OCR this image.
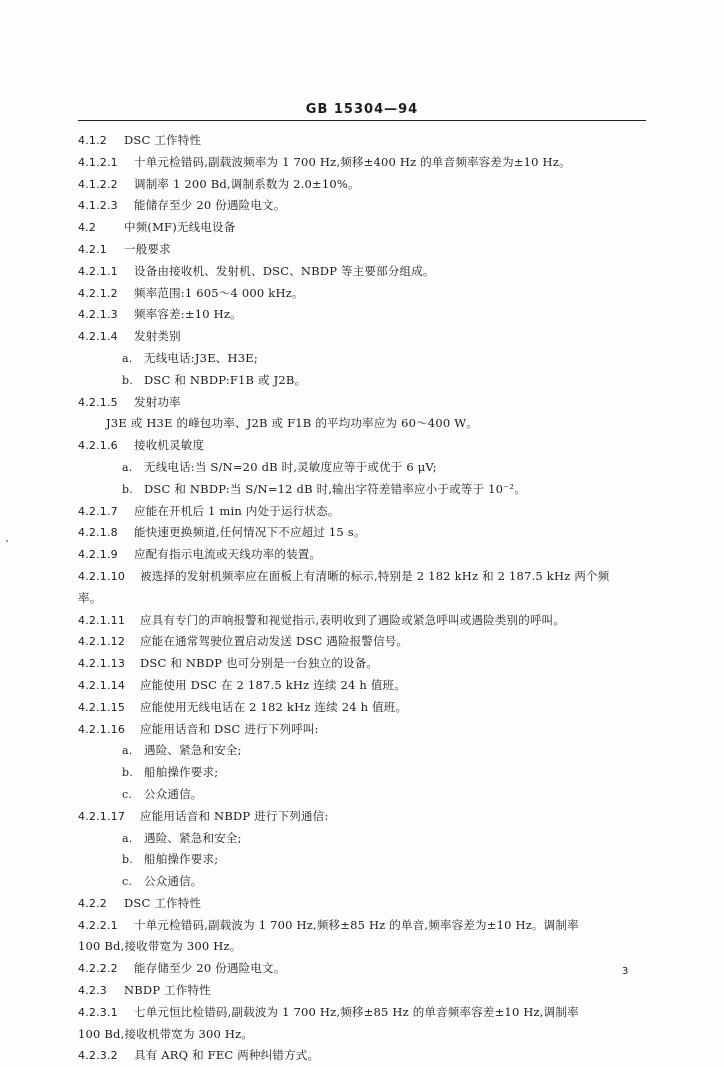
GB 15304—94
4.1.2 DSC 工作特性
4.1.2.1 十单元检错码,副载波频率为 1 700 Hz,频移±400 Hz 的单音频率容差为±10 Hz。
4.1.2.2 调制率 1 200 Bd,调制系数为 2.0±10%。
4.1.2.3 能储存至少 20 份遇险电文。
4.2 中频(MF)无线电设备
4.2.1 一般要求
4.2.1.1 设备由接收机、发射机、DSC、NBDP 等主要部分组成。
4.2.1.2 频率范围:1 605～4 000 kHz。
4.2.1.3 频率容差:±10 Hz。
4.2.1.4 发射类别
a. 无线电话:J3E、H3E;
b. DSC 和 NBDP:F1B 或 J2B。
4.2.1.5 发射功率
J3E 或 H3E 的峰包功率、J2B 或 F1B 的平均功率应为 60～400 W。
4.2.1.6 接收机灵敏度
a. 无线电话:当 S/N=20 dB 时,灵敏度应等于或优于 6 μV;
b. DSC 和 NBDP:当 S/N=12 dB 时,输出字符差错率应小于或等于 10⁻²。
4.2.1.7 应能在开机后 1 min 内处于运行状态。
4.2.1.8 能快速更换频道,任何情况下不应超过 15 s。
4.2.1.9 应配有指示电流或天线功率的装置。
4.2.1.10 被选择的发射机频率应在面板上有清晰的标示,特别是 2 182 kHz 和 2 187.5 kHz 两个频
率。
4.2.1.11 应具有专门的声响报警和视觉指示,表明收到了遇险或紧急呼叫或遇险类别的呼叫。
4.2.1.12 应能在通常驾驶位置启动发送 DSC 遇险报警信号。
4.2.1.13 DSC 和 NBDP 也可分别是一台独立的设备。
4.2.1.14 应能使用 DSC 在 2 187.5 kHz 连续 24 h 值班。
4.2.1.15 应能使用无线电话在 2 182 kHz 连续 24 h 值班。
4.2.1.16 应能用话音和 DSC 进行下列呼叫:
a. 遇险、紧急和安全;
b. 船舶操作要求;
c. 公众通信。
4.2.1.17 应能用话音和 NBDP 进行下列通信:
a. 遇险、紧急和安全;
b. 船舶操作要求;
c. 公众通信。
4.2.2 DSC 工作特性
4.2.2.1 十单元检错码,副载波为 1 700 Hz,频移±85 Hz 的单音,频率容差为±10 Hz。调制率
100 Bd,接收带宽为 300 Hz。
4.2.2.2 能存储至少 20 份遇险电文。
4.2.3 NBDP 工作特性
4.2.3.1 七单元恒比检错码,副载波为 1 700 Hz,频移±85 Hz 的单音频率容差±10 Hz,调制率
100 Bd,接收机带宽为 300 Hz。
4.2.3.2 具有 ARQ 和 FEC 两种纠错方式。
3
